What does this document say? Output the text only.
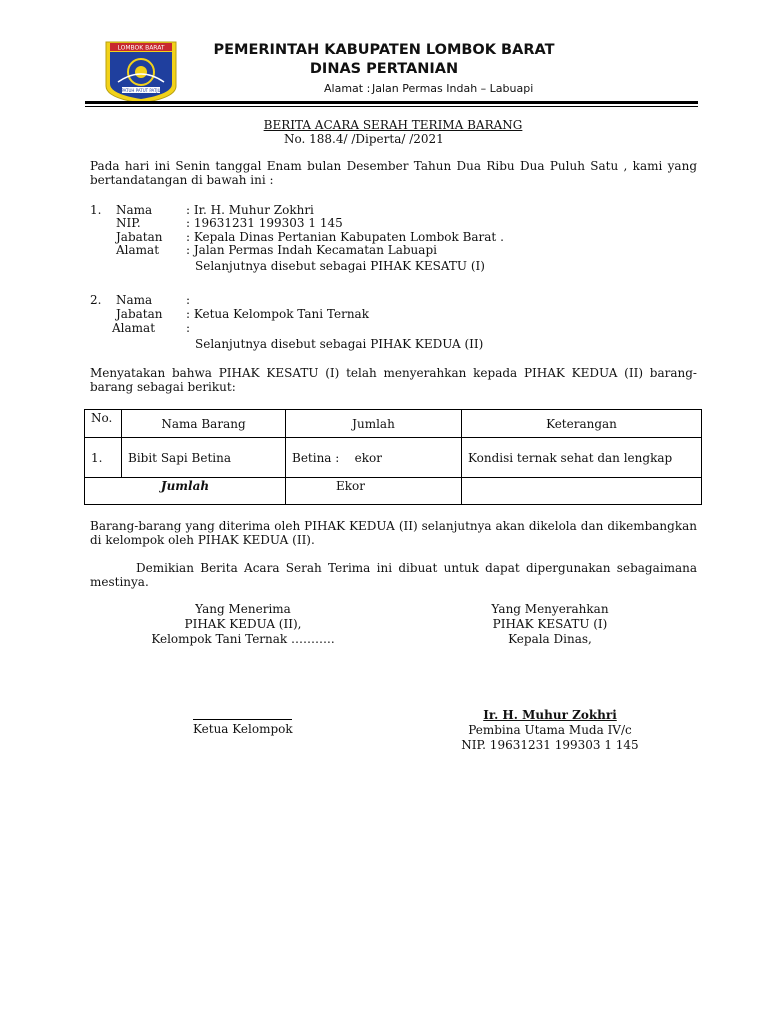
LOMBOK BARAT
PATUH PATUT PATJU
PEMERINTAH KABUPATEN LOMBOK BARAT
DINAS PERTANIAN
Alamat : Jalan Permas Indah – Labuapi
BERITA ACARA SERAH TERIMA BARANG
No. 188.4/ /Diperta/ /2021
Pada hari ini Senin tanggal Enam bulan Desember Tahun Dua Ribu Dua Puluh Satu , kami yang bertandatangan di bawah ini :
1. Nama	: Ir. H. Muhur Zokhri
NIP.	: 19631231 199303 1 145
Jabatan : Kepala Dinas Pertanian Kabupaten Lombok Barat .
Alamat : Jalan Permas Indah Kecamatan Labuapi
Selanjutnya disebut sebagai PIHAK KESATU (I)
2. Nama	:
Jabatan : Ketua Kelompok Tani Ternak
Alamat	:
Selanjutnya disebut sebagai PIHAK KEDUA (II)
Menyatakan bahwa PIHAK KESATU (I) telah menyerahkan kepada PIHAK KEDUA (II) barang-barang sebagai berikut:
No.	Nama Barang	Jumlah	Keterangan
1.	Bibit Sapi Betina	Betina : ekor	Kondisi ternak sehat dan lengkap
Jumlah		Ekor	
Barang-barang yang diterima oleh PIHAK KEDUA (II) selanjutnya akan dikelola dan dikembangkan di kelompok oleh PIHAK KEDUA (II).
Demikian Berita Acara Serah Terima ini dibuat untuk dapat dipergunakan sebagaimana mestinya.
Yang Menerima
PIHAK KEDUA (II),
Kelompok Tani Ternak ………..
Yang Menyerahkan
PIHAK KESATU (I)
Kepala Dinas,
Ketua Kelompok
Ir. H. Muhur Zokhri
Pembina Utama Muda IV/c
NIP. 19631231 199303 1 145
